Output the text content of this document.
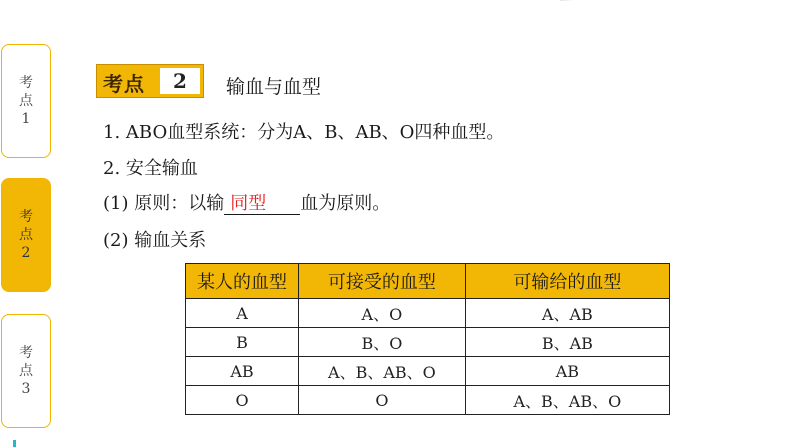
考
点
1
考
点
2
考
点
3
考点	2	输血与血型
1. ABO血型系统：分为A、B、AB、O四种血型。
2. 安全输血
(1) 原则：以输 同型 血为原则。
(2) 输血关系
某人的血型	可接受的血型	可输给的血型
A	A、O	A、AB
B	B、O	B、AB
AB	A、B、AB、O	AB
O	O	A、B、AB、O
